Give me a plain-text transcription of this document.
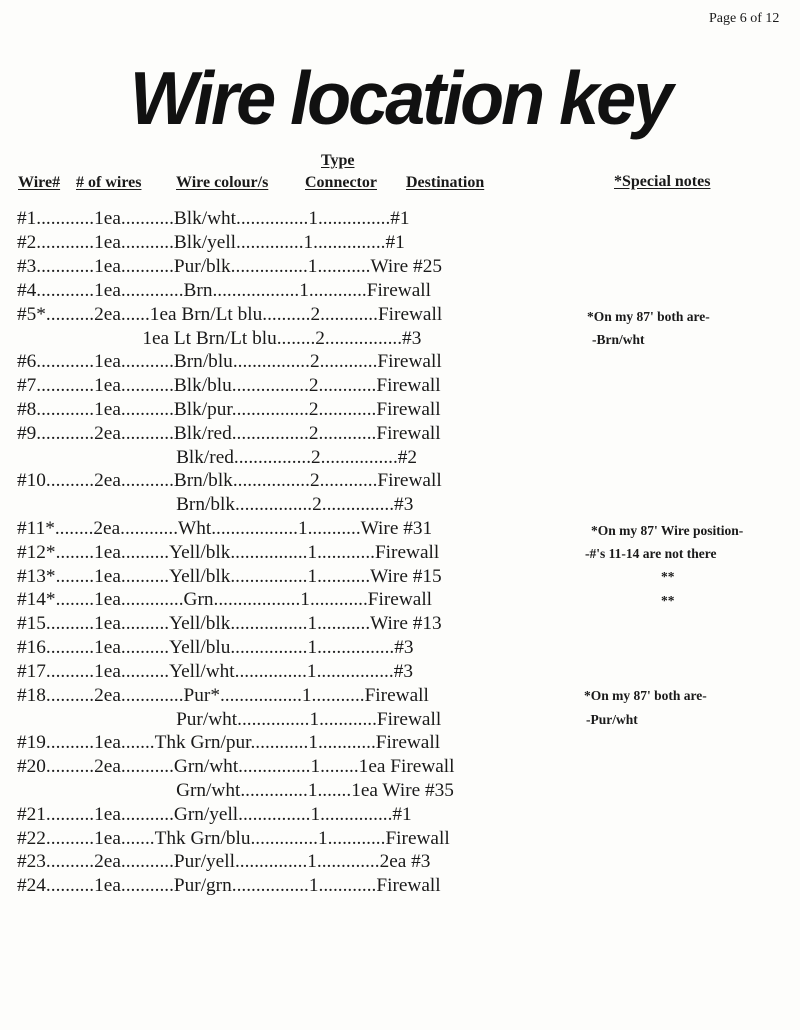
Page 6 of 12
Wire location key
Type
Wire# # of wires Wire colour/s Connector Destination	*Special notes
#1............1ea...........Blk/wht...............1...............#1
#2............1ea...........Blk/yell..............1...............#1
#3............1ea...........Pur/blk................1...........Wire #25
#4............1ea.............Brn..................1............Firewall
#5*..........2ea......1ea Brn/Lt blu..........2............Firewall
1ea Lt Brn/Lt blu........2................#3
#6............1ea...........Brn/blu................2............Firewall
#7............1ea...........Blk/blu................2............Firewall
#8............1ea...........Blk/pur................2............Firewall
#9............2ea...........Blk/red................2............Firewall
Blk/red................2................#2
#10..........2ea...........Brn/blk................2............Firewall
Brn/blk................2...............#3
#11*........2ea............Wht..................1...........Wire #31
#12*........1ea..........Yell/blk................1............Firewall
#13*........1ea..........Yell/blk................1...........Wire #15
#14*........1ea.............Grn..................1............Firewall
#15..........1ea..........Yell/blk................1...........Wire #13
#16..........1ea..........Yell/blu................1................#3
#17..........1ea..........Yell/wht...............1................#3
#18..........2ea.............Pur*.................1...........Firewall
Pur/wht...............1............Firewall
#19..........1ea.......Thk Grn/pur............1............Firewall
#20..........2ea...........Grn/wht...............1........1ea Firewall
Grn/wht..............1.......1ea Wire #35
#21..........1ea...........Grn/yell...............1...............#1
#22..........1ea.......Thk Grn/blu..............1............Firewall
#23..........2ea...........Pur/yell...............1.............2ea #3
#24..........1ea...........Pur/grn................1............Firewall
*On my 87' both are-
-Brn/wht
*On my 87' Wire position-
-#'s 11-14 are not there
**
**
*On my 87' both are-
-Pur/wht
